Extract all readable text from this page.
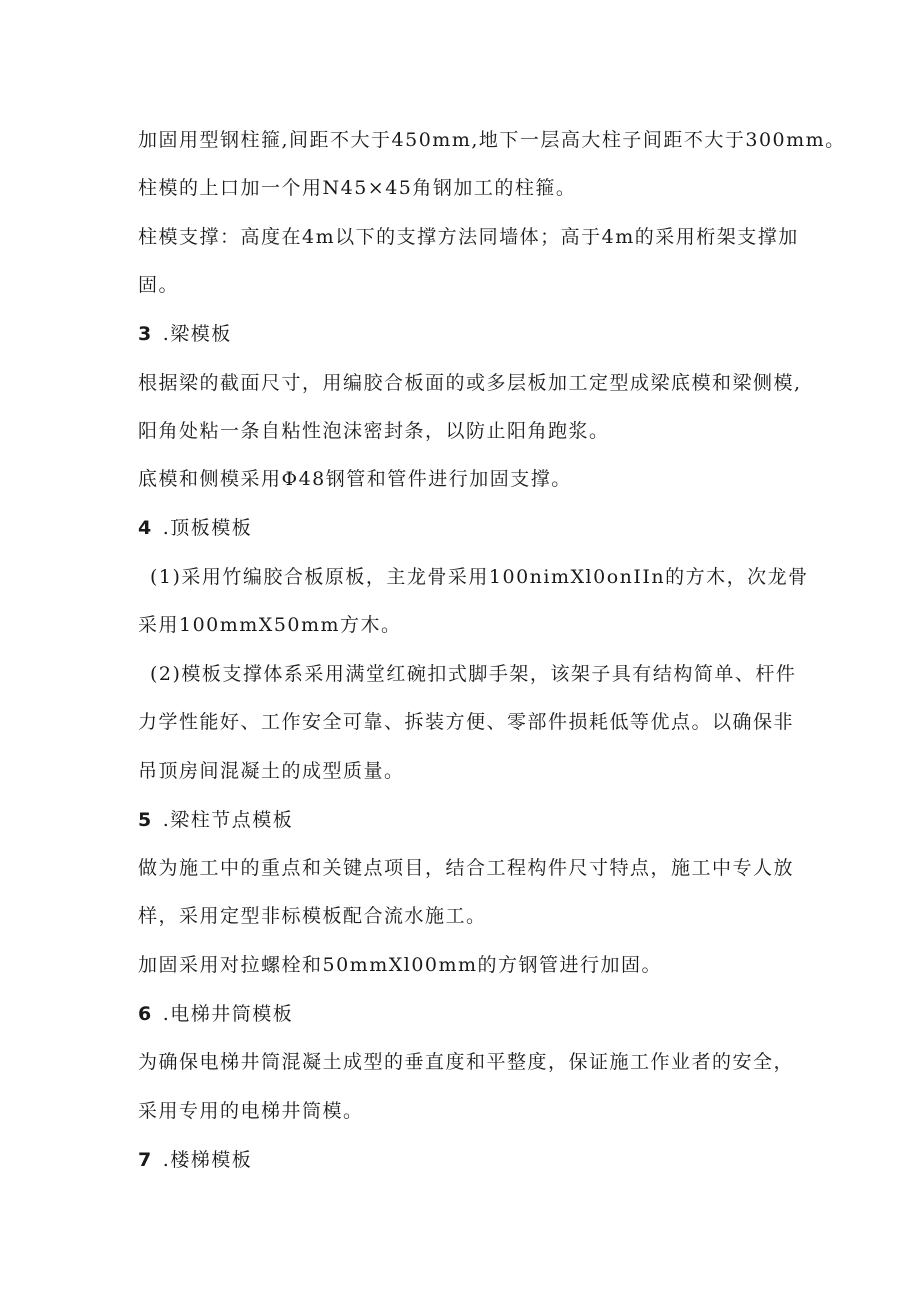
加固用型钢柱箍,间距不大于450mm,地下一层高大柱子间距不大于300mm。
柱模的上口加一个用N45×45角钢加工的柱箍。
柱模支撑：高度在4m以下的支撑方法同墙体；高于4m的采用桁架支撑加
固。
3 .梁模板
根据梁的截面尺寸，用编胶合板面的或多层板加工定型成梁底模和梁侧模,
阳角处粘一条自粘性泡沫密封条，以防止阳角跑浆。
底模和侧模采用Φ48钢管和管件进行加固支撑。
4 .顶板模板
(1)采用竹编胶合板原板，主龙骨采用100nimXl0onIIn的方木，次龙骨
采用100mmX50mm方木。
(2)模板支撑体系采用满堂红碗扣式脚手架，该架子具有结构简单、杆件
力学性能好、工作安全可靠、拆装方便、零部件损耗低等优点。以确保非
吊顶房间混凝土的成型质量。
5 .梁柱节点模板
做为施工中的重点和关键点项目，结合工程构件尺寸特点，施工中专人放
样，采用定型非标模板配合流水施工。
加固采用对拉螺栓和50mmXl00mm的方钢管进行加固。
6 .电梯井筒模板
为确保电梯井筒混凝土成型的垂直度和平整度，保证施工作业者的安全，
采用专用的电梯井筒模。
7 .楼梯模板
